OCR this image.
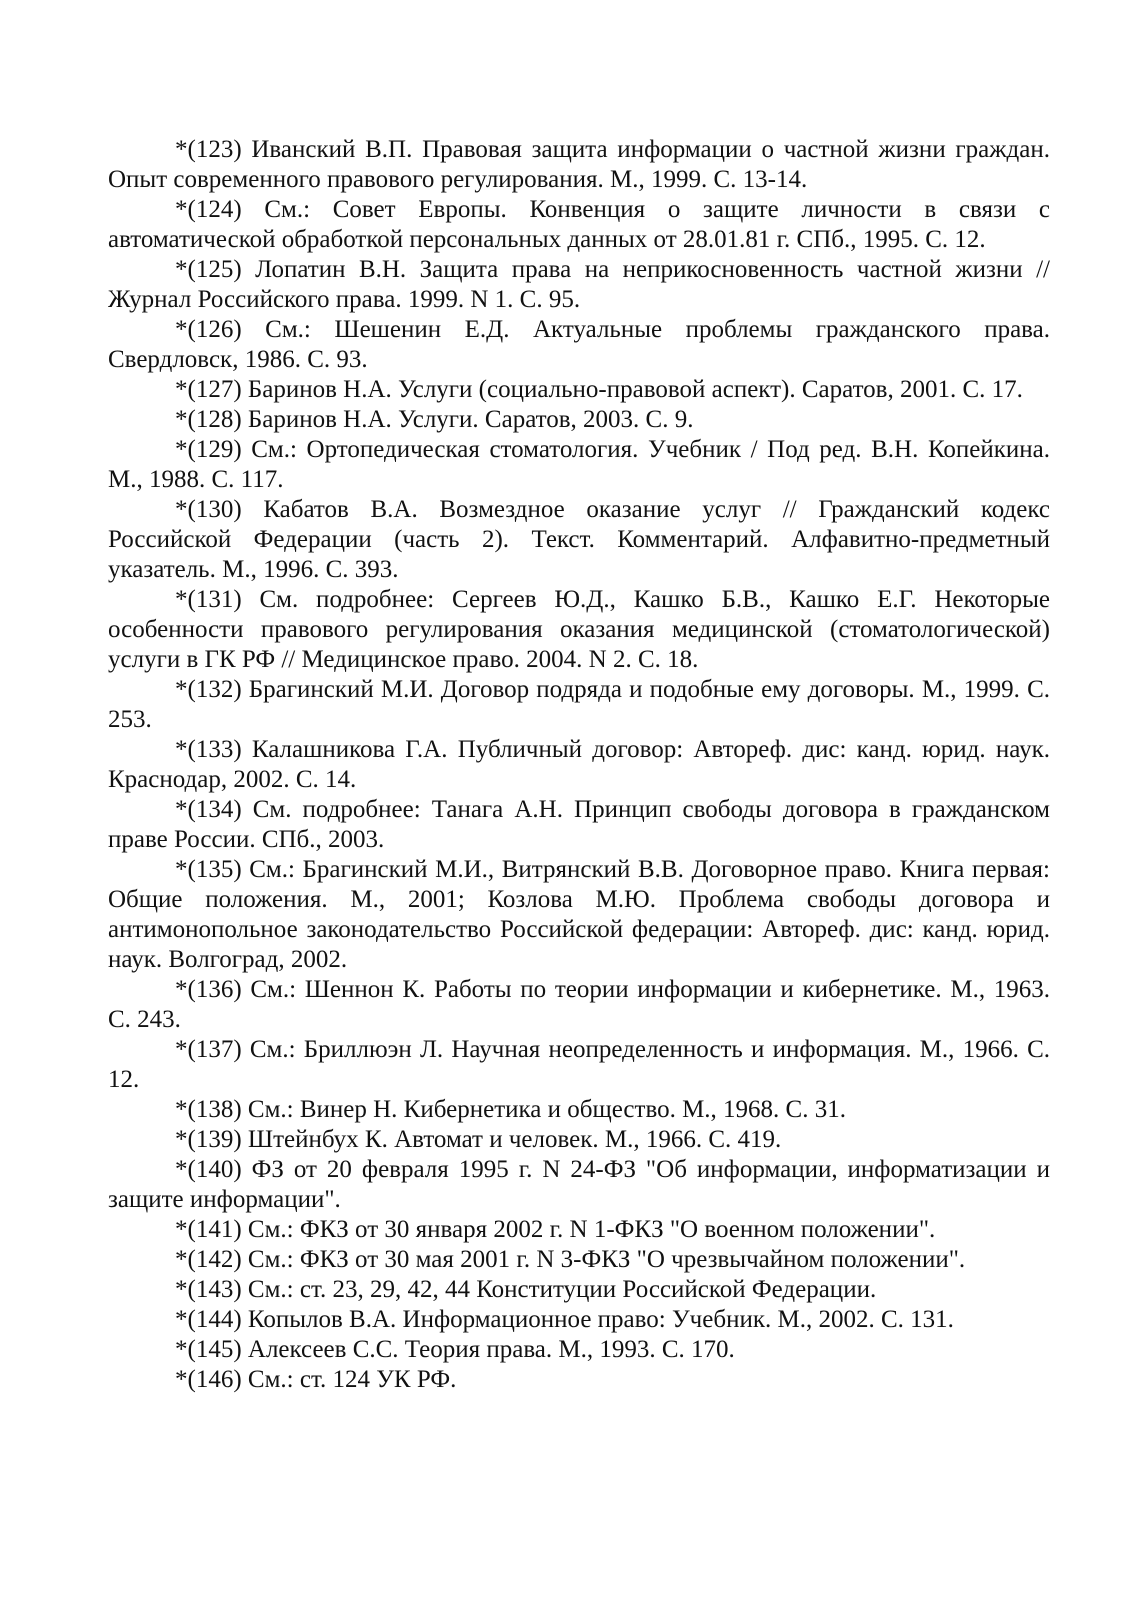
*(123) Иванский В.П. Правовая защита информации о частной жизни граждан. Опыт современного правового регулирования. М., 1999. С. 13-14.

*(124) См.: Совет Европы. Конвенция о защите личности в связи с автоматической обработкой персональных данных от 28.01.81 г. СПб., 1995. С. 12.

*(125) Лопатин В.Н. Защита права на неприкосновенность частной жизни // Журнал Российского права. 1999. N 1. С. 95.

*(126) См.: Шешенин Е.Д. Актуальные проблемы гражданского права. Свердловск, 1986. С. 93.

*(127) Баринов Н.А. Услуги (социально-правовой аспект). Саратов, 2001. С. 17.

*(128) Баринов Н.А. Услуги. Саратов, 2003. С. 9.

*(129) См.: Ортопедическая стоматология. Учебник / Под ред. В.Н. Копейкина. М., 1988. С. 117.

*(130) Кабатов В.А. Возмездное оказание услуг // Гражданский кодекс Российской Федерации (часть 2). Текст. Комментарий. Алфавитно-предметный указатель. М., 1996. С. 393.

*(131) См. подробнее: Сергеев Ю.Д., Кашко Б.В., Кашко Е.Г. Некоторые особенности правового регулирования оказания медицинской (стоматологической) услуги в ГК РФ // Медицинское право. 2004. N 2. С. 18.

*(132) Брагинский М.И. Договор подряда и подобные ему договоры. М., 1999. С. 253.

*(133) Калашникова Г.А. Публичный договор: Автореф. дис: канд. юрид. наук. Краснодар, 2002. С. 14.

*(134) См. подробнее: Танага А.Н. Принцип свободы договора в гражданском праве России. СПб., 2003.

*(135) См.: Брагинский М.И., Витрянский В.В. Договорное право. Книга первая: Общие положения. М., 2001; Козлова М.Ю. Проблема свободы договора и антимонопольное законодательство Российской федерации: Автореф. дис: канд. юрид. наук. Волгоград, 2002.

*(136) См.: Шеннон К. Работы по теории информации и кибернетике. М., 1963. С. 243.

*(137) См.: Бриллюэн Л. Научная неопределенность и информация. М., 1966. С. 12.

*(138) См.: Винер Н. Кибернетика и общество. М., 1968. С. 31.

*(139) Штейнбух К. Автомат и человек. М., 1966. С. 419.

*(140) ФЗ от 20 февраля 1995 г. N 24-ФЗ "Об информации, информатизации и защите информации".

*(141) См.: ФКЗ от 30 января 2002 г. N 1-ФКЗ "О военном положении".

*(142) См.: ФКЗ от 30 мая 2001 г. N 3-ФКЗ "О чрезвычайном положении".

*(143) См.: ст. 23, 29, 42, 44 Конституции Российской Федерации.

*(144) Копылов В.А. Информационное право: Учебник. М., 2002. С. 131.

*(145) Алексеев С.С. Теория права. М., 1993. С. 170.

*(146) См.: ст. 124 УК РФ.
